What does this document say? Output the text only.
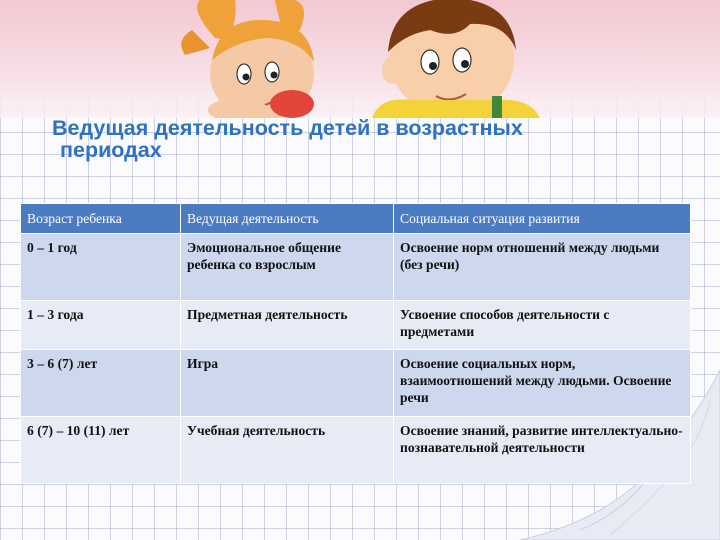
Ведущая деятельность детей в возрастных
периодах
Возраст ребенка	Ведущая деятельность	Социальная ситуация развития
0 – 1 год	Эмоциональное общение ребенка со взрослым	Освоение норм отношений между людьми (без речи)
1 – 3 года	Предметная деятельность	Усвоение способов деятельности с предметами
3 – 6 (7) лет	Игра	Освоение социальных норм, взаимоотношений между людьми. Освоение речи
6 (7) – 10 (11) лет	Учебная деятельность	Освоение знаний, развитие интеллектуально-познавательной деятельности
